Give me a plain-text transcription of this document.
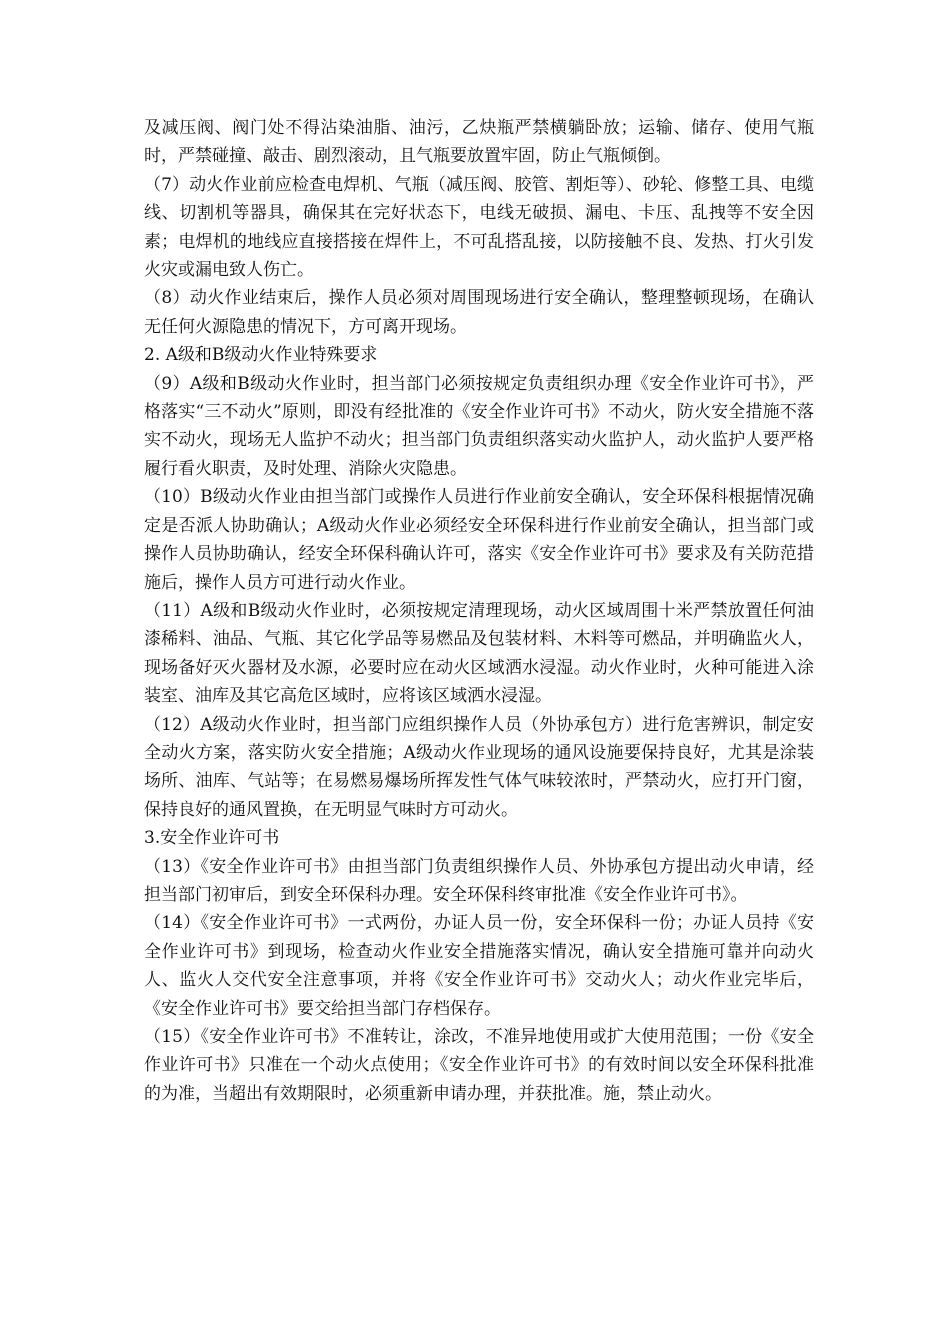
及减压阀、阀门处不得沾染油脂、油污，乙炔瓶严禁横躺卧放；运输、储存、使用气瓶时，严禁碰撞、敲击、剧烈滚动，且气瓶要放置牢固，防止气瓶倾倒。

（7）动火作业前应检查电焊机、气瓶（减压阀、胶管、割炬等）、砂轮、修整工具、电缆线、切割机等器具，确保其在完好状态下，电线无破损、漏电、卡压、乱拽等不安全因素；电焊机的地线应直接搭接在焊件上，不可乱搭乱接，以防接触不良、发热、打火引发火灾或漏电致人伤亡。

（8）动火作业结束后，操作人员必须对周围现场进行安全确认，整理整顿现场，在确认无任何火源隐患的情况下，方可离开现场。

2. A级和B级动火作业特殊要求

（9）A级和B级动火作业时，担当部门必须按规定负责组织办理《安全作业许可书》，严格落实“三不动火”原则，即没有经批准的《安全作业许可书》不动火，防火安全措施不落实不动火，现场无人监护不动火；担当部门负责组织落实动火监护人，动火监护人要严格履行看火职责，及时处理、消除火灾隐患。

（10）B级动火作业由担当部门或操作人员进行作业前安全确认，安全环保科根据情况确定是否派人协助确认；A级动火作业必须经安全环保科进行作业前安全确认，担当部门或操作人员协助确认，经安全环保科确认许可，落实《安全作业许可书》要求及有关防范措施后，操作人员方可进行动火作业。

（11）A级和B级动火作业时，必须按规定清理现场，动火区域周围十米严禁放置任何油漆稀料、油品、气瓶、其它化学品等易燃品及包装材料、木料等可燃品，并明确监火人，现场备好灭火器材及水源，必要时应在动火区域洒水浸湿。动火作业时，火种可能进入涂装室、油库及其它高危区域时，应将该区域洒水浸湿。

（12）A级动火作业时，担当部门应组织操作人员（外协承包方）进行危害辨识，制定安全动火方案，落实防火安全措施；A级动火作业现场的通风设施要保持良好，尤其是涂装场所、油库、气站等；在易燃易爆场所挥发性气体气味较浓时，严禁动火，应打开门窗，保持良好的通风置换，在无明显气味时方可动火。

3.安全作业许可书

（13）《安全作业许可书》由担当部门负责组织操作人员、外协承包方提出动火申请，经担当部门初审后，到安全环保科办理。安全环保科终审批准《安全作业许可书》。

（14）《安全作业许可书》一式两份，办证人员一份，安全环保科一份；办证人员持《安全作业许可书》到现场，检查动火作业安全措施落实情况，确认安全措施可靠并向动火人、监火人交代安全注意事项，并将《安全作业许可书》交动火人；动火作业完毕后，《安全作业许可书》要交给担当部门存档保存。

（15）《安全作业许可书》不准转让，涂改，不准异地使用或扩大使用范围；一份《安全作业许可书》只准在一个动火点使用；《安全作业许可书》的有效时间以安全环保科批准的为准，当超出有效期限时，必须重新申请办理，并获批准。施，禁止动火。
